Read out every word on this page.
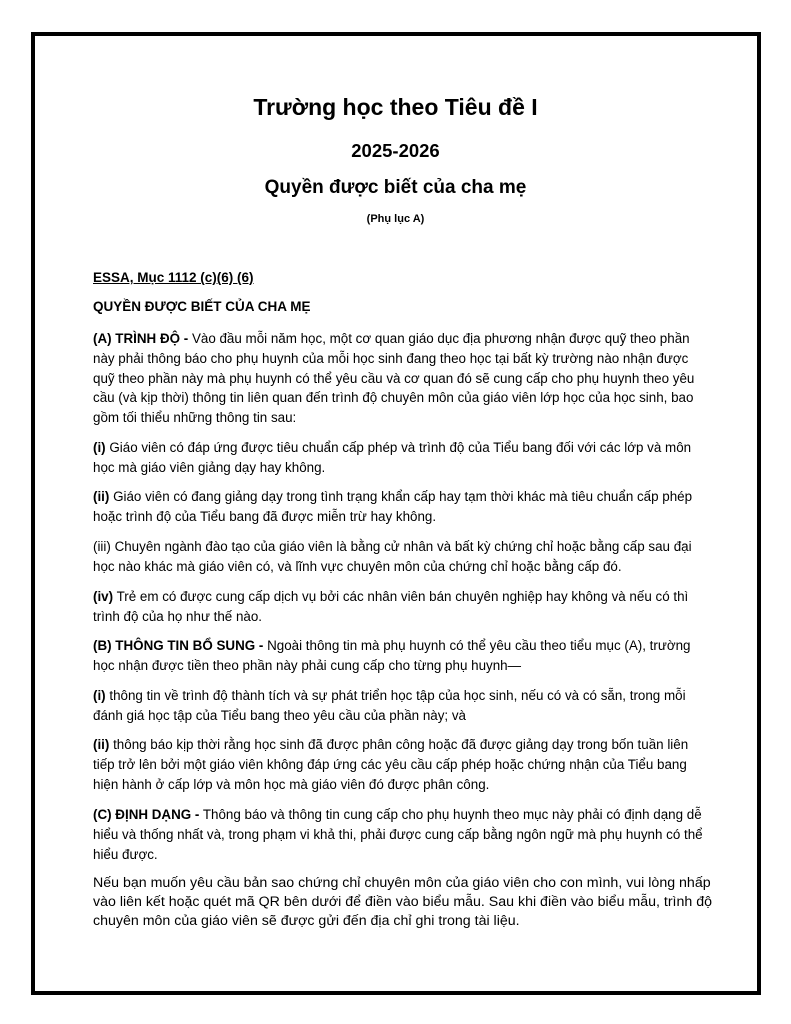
Trường học theo Tiêu đề I
2025-2026
Quyền được biết của cha mẹ
(Phụ lục A)
ESSA, Mục 1112 (c)(6) (6)
QUYỀN ĐƯỢC BIẾT CỦA CHA MẸ

(A) TRÌNH ĐỘ - Vào đầu mỗi năm học, một cơ quan giáo dục địa phương nhận được quỹ theo phần này phải thông báo cho phụ huynh của mỗi học sinh đang theo học tại bất kỳ trường nào nhận được quỹ theo phần này mà phụ huynh có thể yêu cầu và cơ quan đó sẽ cung cấp cho phụ huynh theo yêu cầu (và kịp thời) thông tin liên quan đến trình độ chuyên môn của giáo viên lớp học của học sinh, bao gồm tối thiểu những thông tin sau:

(i) Giáo viên có đáp ứng được tiêu chuẩn cấp phép và trình độ của Tiểu bang đối với các lớp và môn học mà giáo viên giảng dạy hay không.

(ii) Giáo viên có đang giảng dạy trong tình trạng khẩn cấp hay tạm thời khác mà tiêu chuẩn cấp phép hoặc trình độ của Tiểu bang đã được miễn trừ hay không.

(iii) Chuyên ngành đào tạo của giáo viên là bằng cử nhân và bất kỳ chứng chỉ hoặc bằng cấp sau đại học nào khác mà giáo viên có, và lĩnh vực chuyên môn của chứng chỉ hoặc bằng cấp đó.

(iv) Trẻ em có được cung cấp dịch vụ bởi các nhân viên bán chuyên nghiệp hay không và nếu có thì trình độ của họ như thế nào.

(B) THÔNG TIN BỔ SUNG - Ngoài thông tin mà phụ huynh có thể yêu cầu theo tiểu mục (A), trường học nhận được tiền theo phần này phải cung cấp cho từng phụ huynh—

(i) thông tin về trình độ thành tích và sự phát triển học tập của học sinh, nếu có và có sẵn, trong mỗi đánh giá học tập của Tiểu bang theo yêu cầu của phần này; và

(ii) thông báo kịp thời rằng học sinh đã được phân công hoặc đã được giảng dạy trong bốn tuần liên tiếp trở lên bởi một giáo viên không đáp ứng các yêu cầu cấp phép hoặc chứng nhận của Tiểu bang hiện hành ở cấp lớp và môn học mà giáo viên đó được phân công.

(C) ĐỊNH DẠNG - Thông báo và thông tin cung cấp cho phụ huynh theo mục này phải có định dạng dễ hiểu và thống nhất và, trong phạm vi khả thi, phải được cung cấp bằng ngôn ngữ mà phụ huynh có thể hiểu được.

Nếu bạn muốn yêu cầu bản sao chứng chỉ chuyên môn của giáo viên cho con mình, vui lòng nhấp vào liên kết hoặc quét mã QR bên dưới để điền vào biểu mẫu. Sau khi điền vào biểu mẫu, trình độ chuyên môn của giáo viên sẽ được gửi đến địa chỉ ghi trong tài liệu.
